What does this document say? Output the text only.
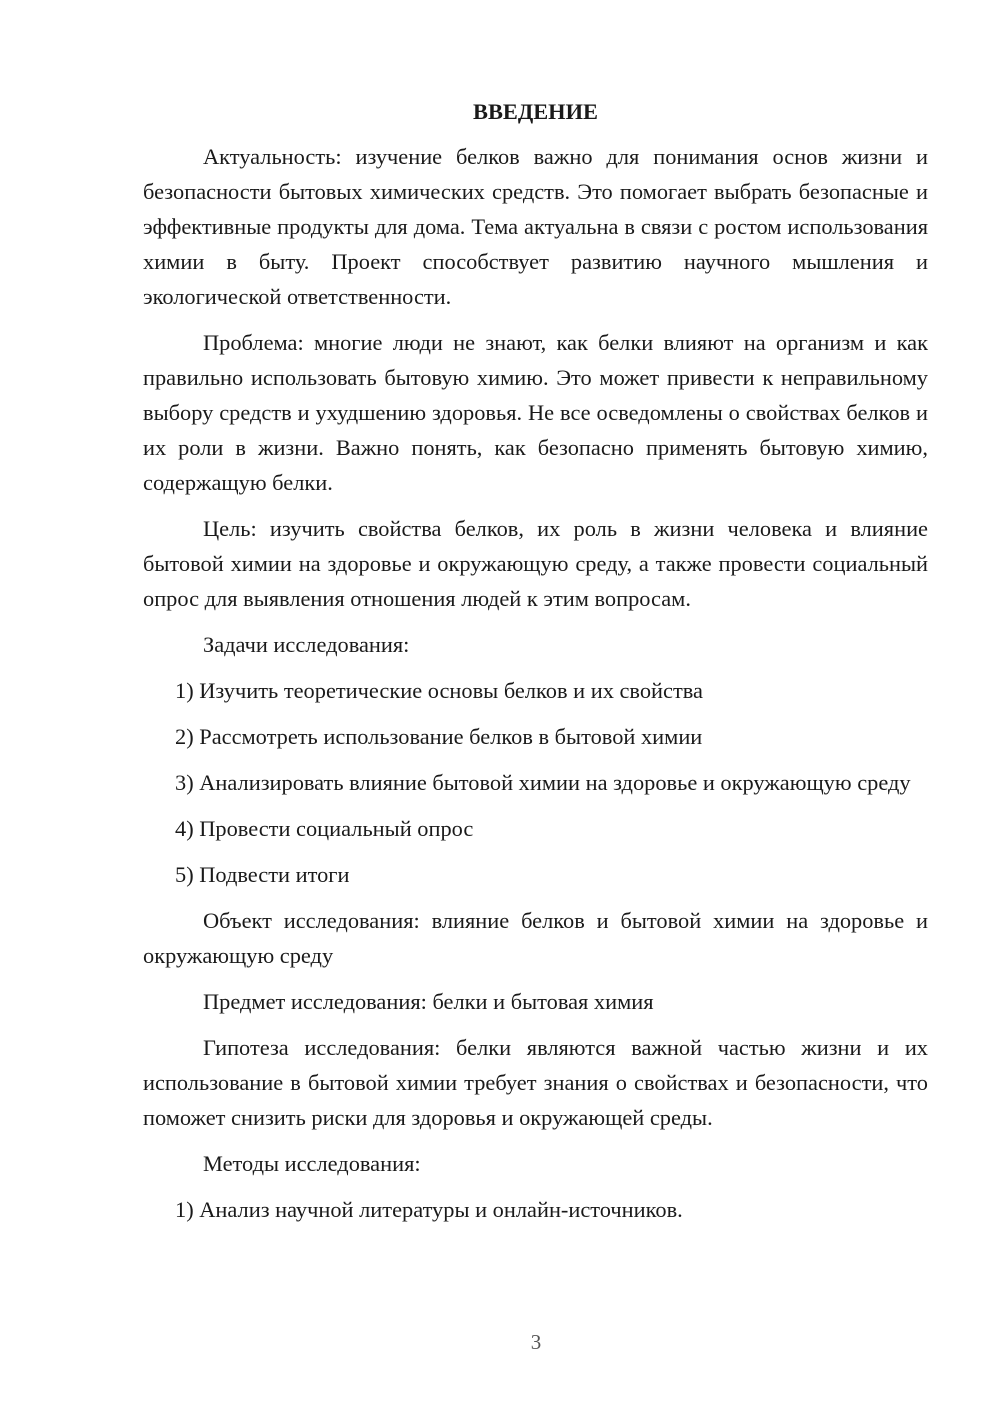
ВВЕДЕНИЕ

Актуальность: изучение белков важно для понимания основ жизни и безопасности бытовых химических средств. Это помогает выбрать безопасные и эффективные продукты для дома. Тема актуальна в связи с ростом использования химии в быту. Проект способствует развитию научного мышления и экологической ответственности.

Проблема: многие люди не знают, как белки влияют на организм и как правильно использовать бытовую химию. Это может привести к неправильному выбору средств и ухудшению здоровья. Не все осведомлены о свойствах белков и их роли в жизни. Важно понять, как безопасно применять бытовую химию, содержащую белки.

Цель: изучить свойства белков, их роль в жизни человека и влияние бытовой химии на здоровье и окружающую среду, а также провести социальный опрос для выявления отношения людей к этим вопросам.

Задачи исследования:

1) Изучить теоретические основы белков и их свойства

2) Рассмотреть использование белков в бытовой химии

3) Анализировать влияние бытовой химии на здоровье и окружающую среду

4) Провести социальный опрос

5) Подвести итоги

Объект исследования: влияние белков и бытовой химии на здоровье и окружающую среду

Предмет исследования: белки и бытовая химия

Гипотеза исследования: белки являются важной частью жизни и их использование в бытовой химии требует знания о свойствах и безопасности, что поможет снизить риски для здоровья и окружающей среды.

Методы исследования:

1) Анализ научной литературы и онлайн-источников.

3
